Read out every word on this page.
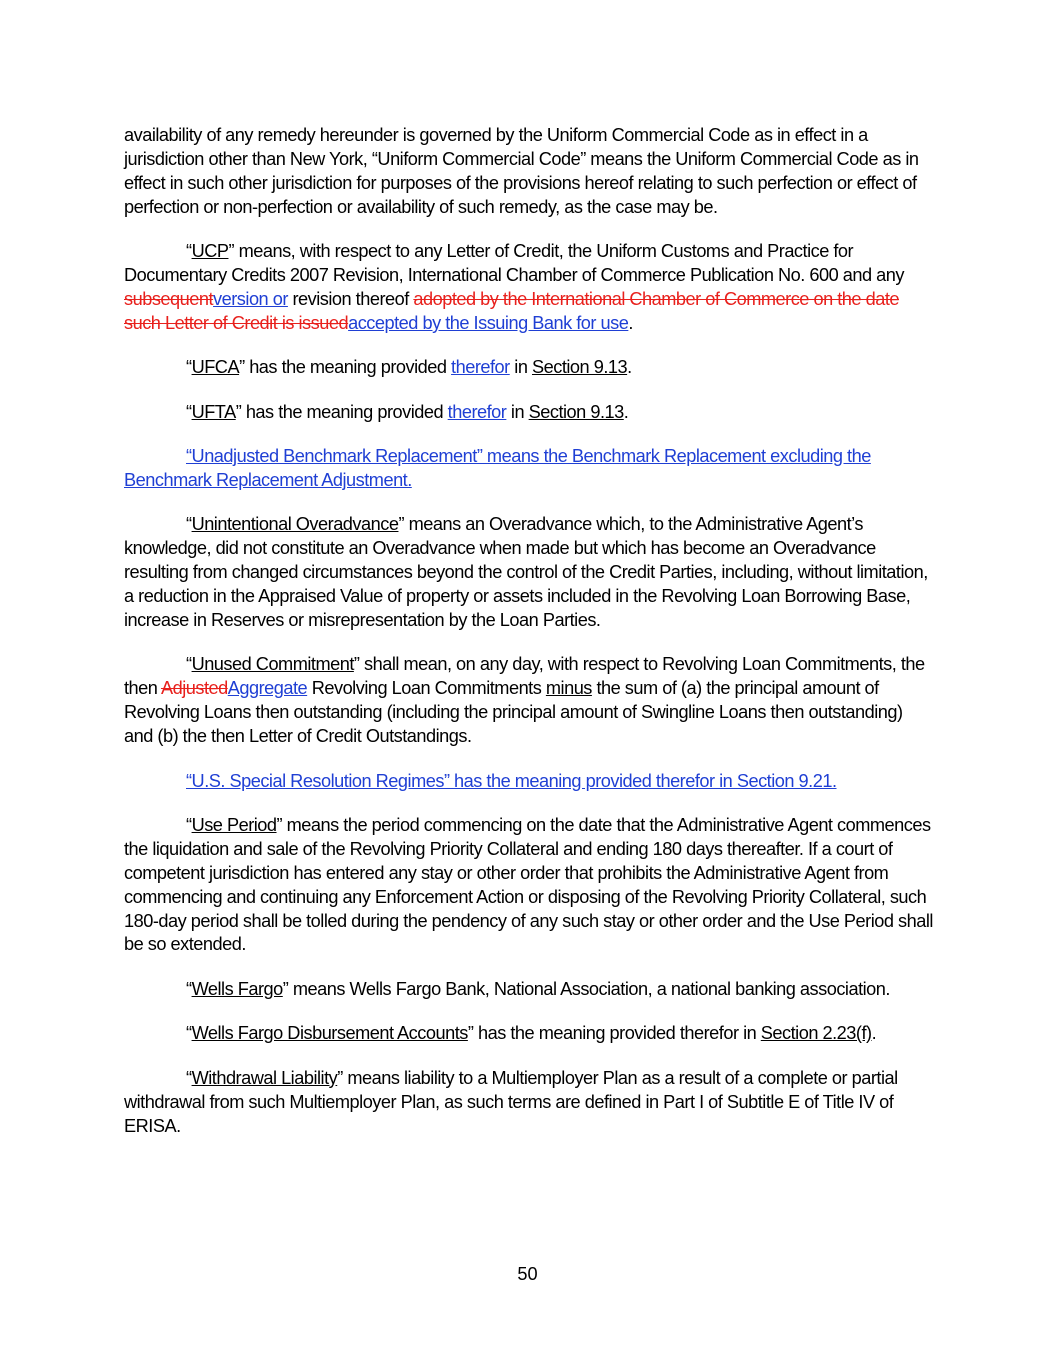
availability of any remedy hereunder is governed by the Uniform Commercial Code as in effect in a jurisdiction other than New York, “Uniform Commercial Code” means the Uniform Commercial Code as in effect in such other jurisdiction for purposes of the provisions hereof relating to such perfection or effect of perfection or non-perfection or availability of such remedy, as the case may be.

“UCP” means, with respect to any Letter of Credit, the Uniform Customs and Practice for Documentary Credits 2007 Revision, International Chamber of Commerce Publication No. 600 and any subsequentversion or revision thereof adopted by the International Chamber of Commerce on the date such Letter of Credit is issuedaccepted by the Issuing Bank for use.

“UFCA” has the meaning provided therefor in Section 9.13.

“UFTA” has the meaning provided therefor in Section 9.13.

“Unadjusted Benchmark Replacement” means the Benchmark Replacement excluding the Benchmark Replacement Adjustment.

“Unintentional Overadvance” means an Overadvance which, to the Administrative Agent’s knowledge, did not constitute an Overadvance when made but which has become an Overadvance resulting from changed circumstances beyond the control of the Credit Parties, including, without limitation, a reduction in the Appraised Value of property or assets included in the Revolving Loan Borrowing Base, increase in Reserves or misrepresentation by the Loan Parties.

“Unused Commitment” shall mean, on any day, with respect to Revolving Loan Commitments, the then AdjustedAggregate Revolving Loan Commitments minus the sum of (a) the principal amount of Revolving Loans then outstanding (including the principal amount of Swingline Loans then outstanding) and (b) the then Letter of Credit Outstandings.

“U.S. Special Resolution Regimes” has the meaning provided therefor in Section 9.21.

“Use Period” means the period commencing on the date that the Administrative Agent commences the liquidation and sale of the Revolving Priority Collateral and ending 180 days thereafter. If a court of competent jurisdiction has entered any stay or other order that prohibits the Administrative Agent from commencing and continuing any Enforcement Action or disposing of the Revolving Priority Collateral, such 180-day period shall be tolled during the pendency of any such stay or other order and the Use Period shall be so extended.

“Wells Fargo” means Wells Fargo Bank, National Association, a national banking association.

“Wells Fargo Disbursement Accounts” has the meaning provided therefor in Section 2.23(f).

“Withdrawal Liability” means liability to a Multiemployer Plan as a result of a complete or partial withdrawal from such Multiemployer Plan, as such terms are defined in Part I of Subtitle E of Title IV of ERISA.

50
